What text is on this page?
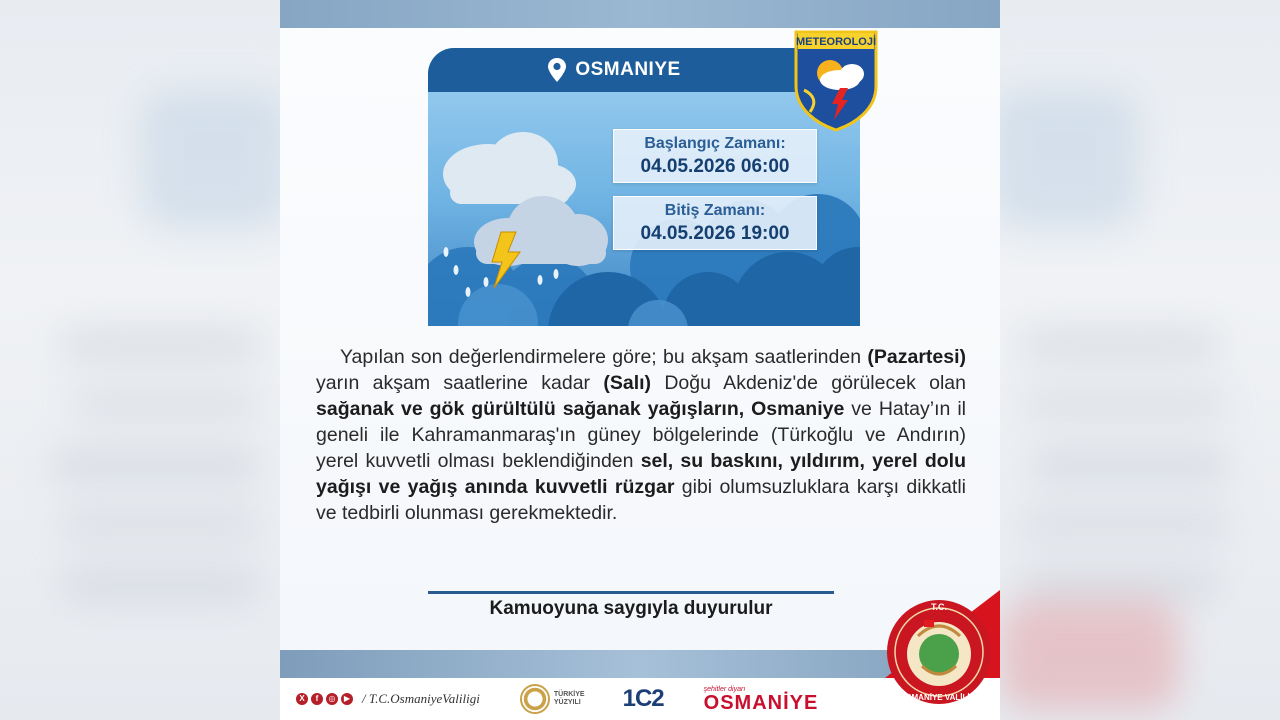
OSMANIYE
Başlangıç Zamanı:
04.05.2026 06:00
Bitiş Zamanı:
04.05.2026 19:00
METEOROLOJİ

Yapılan son değerlendirmelere göre; bu akşam saatlerinden (Pazartesi) yarın akşam saatlerine kadar (Salı) Doğu Akdeniz'de görülecek olan sağanak ve gök gürültülü sağanak yağışların, Osmaniye ve Hatay’ın il geneli ile Kahramanmaraş'ın güney bölgelerinde (Türkoğlu ve Andırın) yerel kuvvetli olması beklendiğinden sel, su baskını, yıldırım, yerel dolu yağışı ve yağış anında kuvvetli rüzgar gibi olumsuzluklara karşı dikkatli ve tedbirli olunması gerekmektedir.

Kamuoyuna saygıyla duyurulur
X	f	◎	▶ / T.C.OsmaniyeValiligi	TÜRKİYE
YÜZYILI 1C2	şehitler diyarı
OSMANİYE
T.C.
OSMANİYE VALİLİĞİ
